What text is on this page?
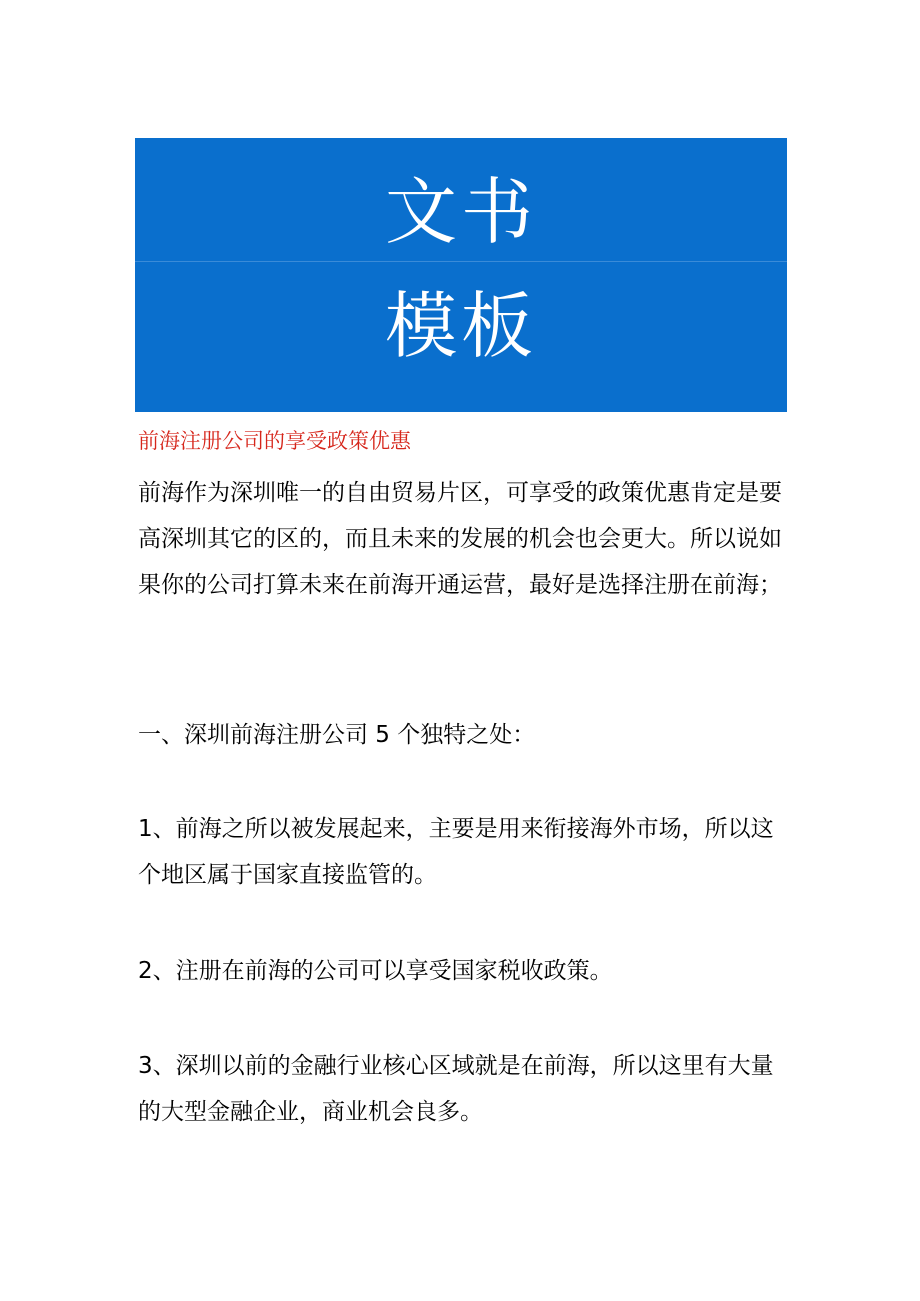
文书
模板
前海注册公司的享受政策优惠

前海作为深圳唯一的自由贸易片区，可享受的政策优惠肯定是要
高深圳其它的区的，而且未来的发展的机会也会更大。所以说如
果你的公司打算未来在前海开通运营，最好是选择注册在前海；

一、深圳前海注册公司 5 个独特之处：

1、前海之所以被发展起来，主要是用来衔接海外市场，所以这
个地区属于国家直接监管的。

2、注册在前海的公司可以享受国家税收政策。

3、深圳以前的金融行业核心区域就是在前海，所以这里有大量
的大型金融企业，商业机会良多。
